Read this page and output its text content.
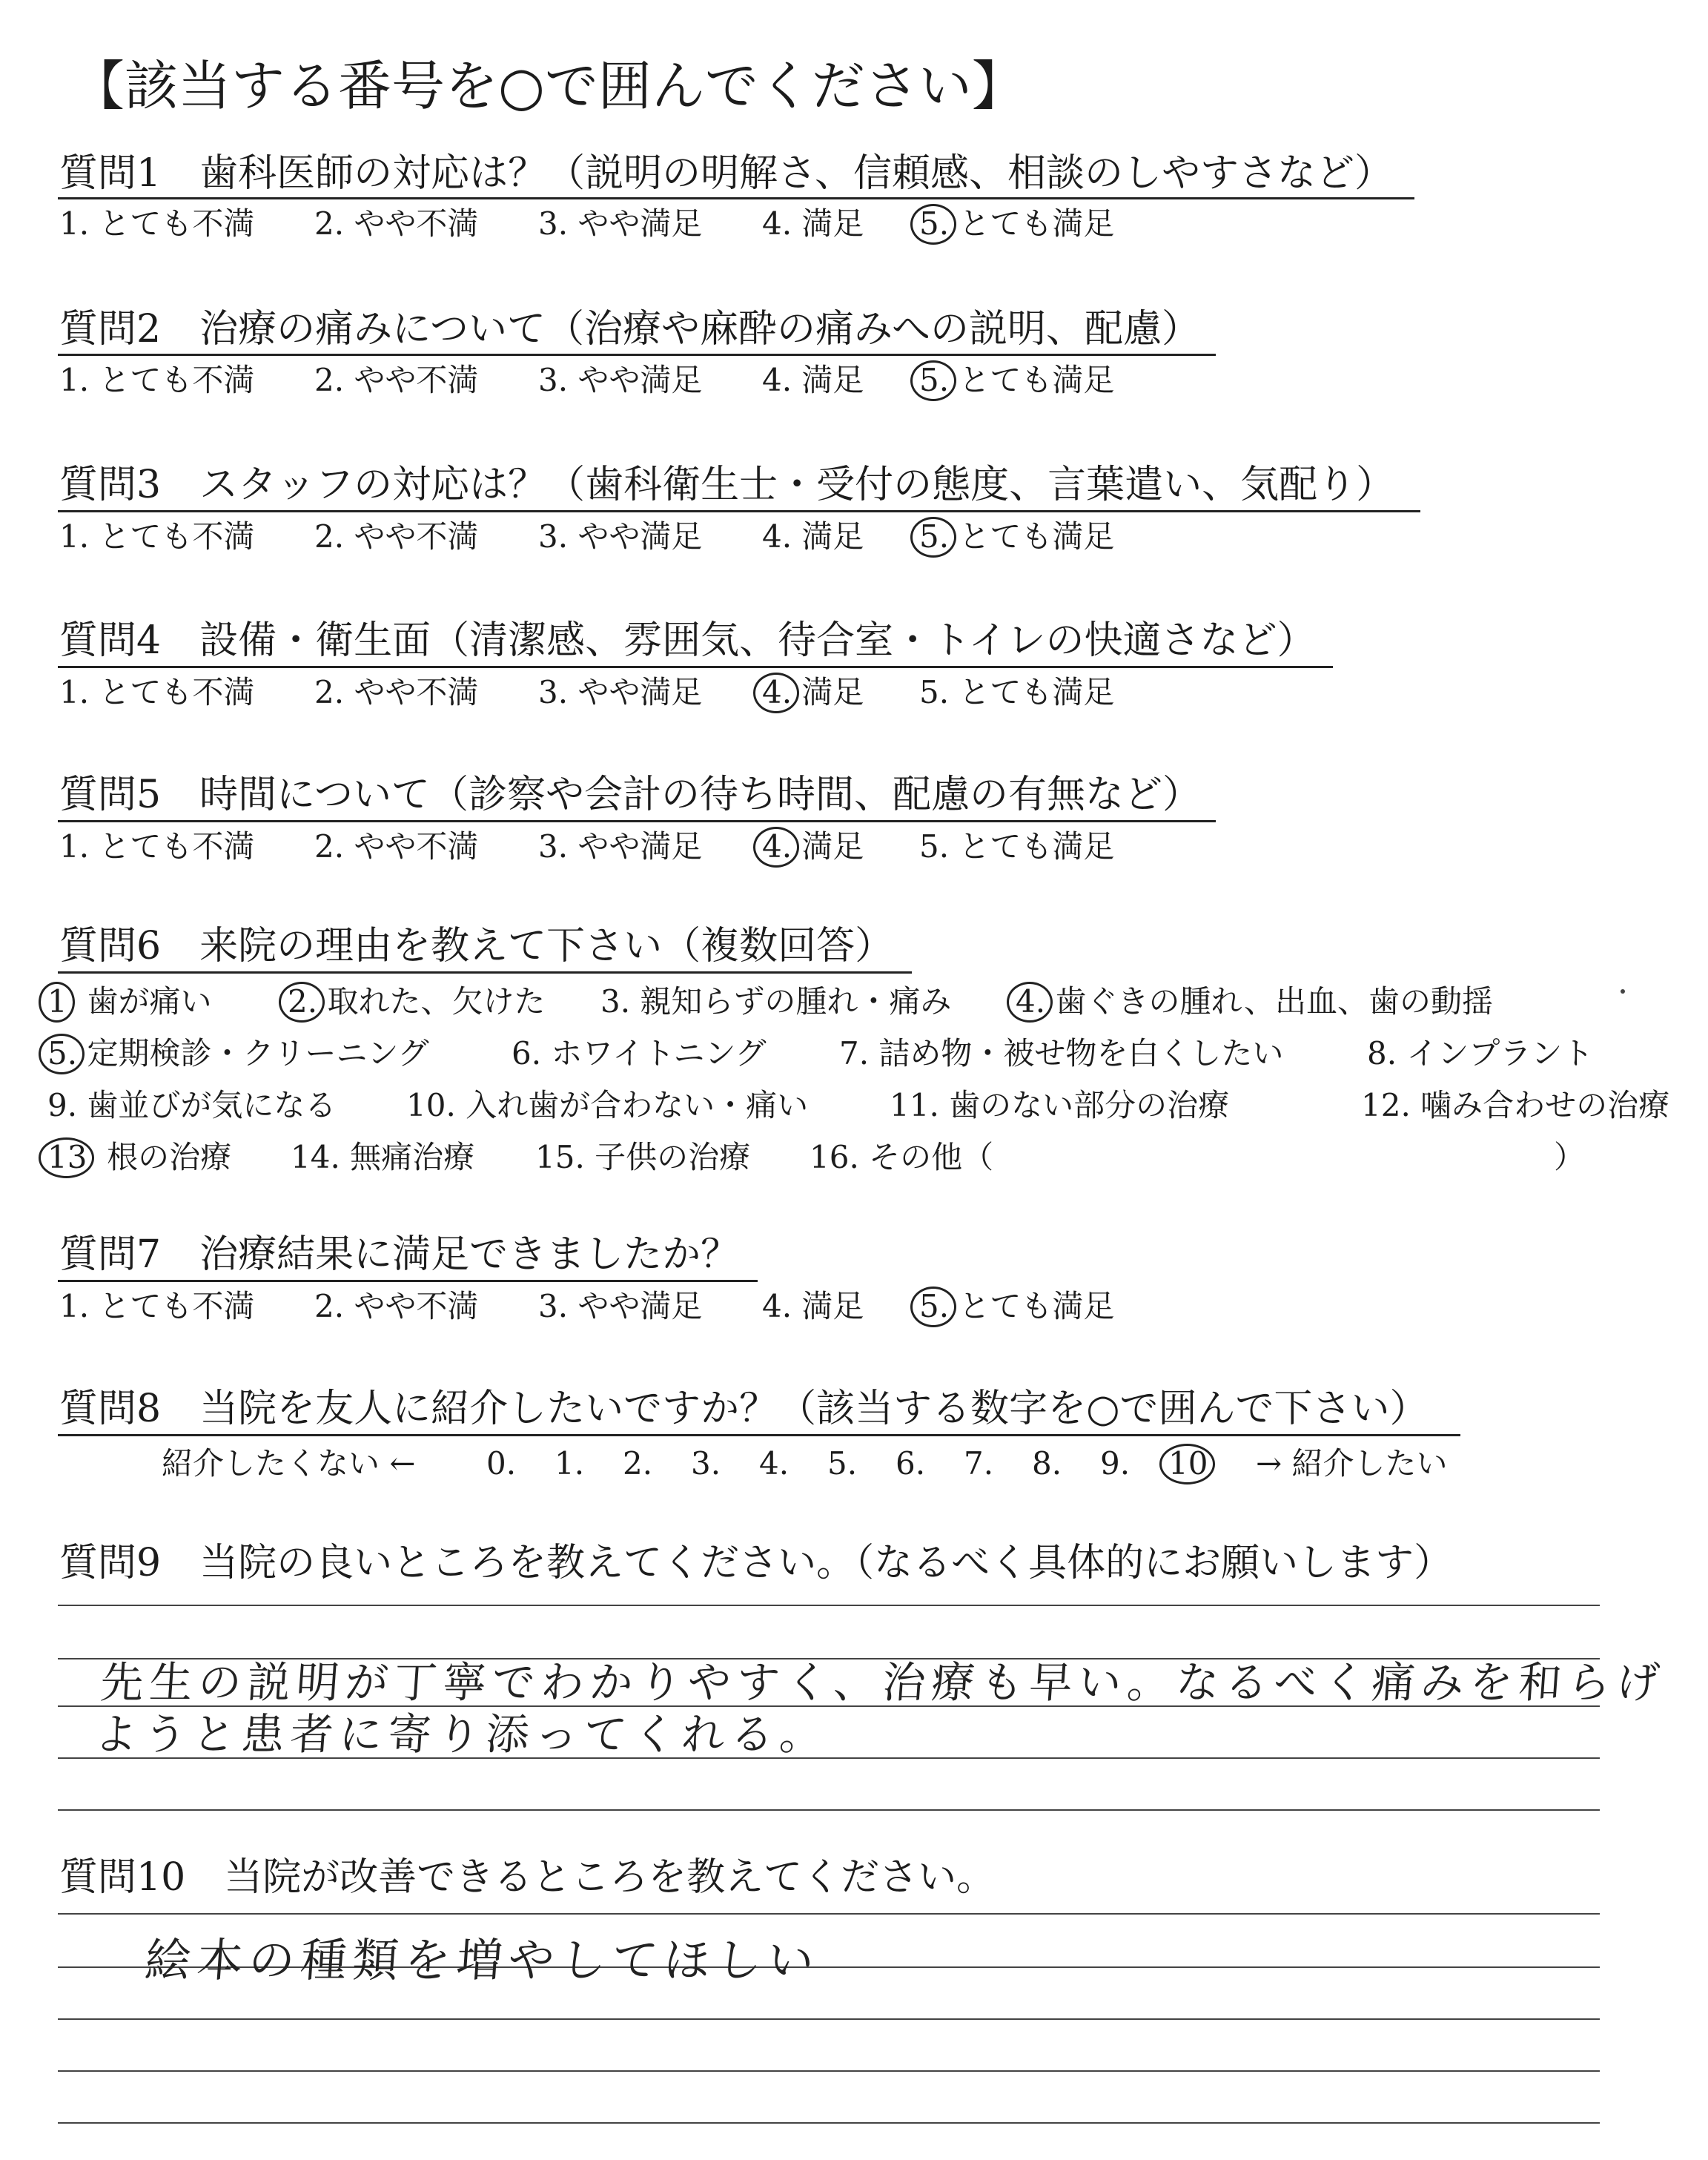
【該当する番号を○で囲んでください】
質問1　歯科医師の対応は？（説明の明解さ、信頼感、相談のしやすさなど）
1. とても不満 2. やや不満 3. やや満足 4. 満足 5. とても満足
質問2　治療の痛みについて（治療や麻酔の痛みへの説明、配慮）
1. とても不満 2. やや不満 3. やや満足 4. 満足 5. とても満足
質問3　スタッフの対応は？（歯科衛生士・受付の態度、言葉遣い、気配り）
1. とても不満 2. やや不満 3. やや満足 4. 満足 5. とても満足
質問4　設備・衛生面（清潔感、雰囲気、待合室・トイレの快適さなど）
1. とても不満 2. やや不満 3. やや満足 4. 満足 5. とても満足
質問5　時間について（診察や会計の待ち時間、配慮の有無など）
1. とても不満 2. やや不満 3. やや満足 4. 満足 5. とても満足
質問6　来院の理由を教えて下さい（複数回答）
1 歯が痛い 2. 取れた、欠けた 3. 親知らずの腫れ・痛み 4. 歯ぐきの腫れ、出血、歯の動揺
5. 定期検診・クリーニング	6. ホワイトニング 7. 詰め物・被せ物を白くしたい	8. インプラント
9. 歯並びが気になる 10. 入れ歯が合わない・痛い	11. 歯のない部分の治療	12. 噛み合わせの治療
13 根の治療 14. 無痛治療 15. 子供の治療 16. その他（	）
質問7　治療結果に満足できましたか？
1. とても不満 2. やや不満 3. やや満足 4. 満足 5. とても満足
質問8　当院を友人に紹介したいですか？（該当する数字を○で囲んで下さい）
紹介したくない ← 0. 1. 2. 3. 4. 5. 6. 7. 8. 9. 10 → 紹介したい
質問9　当院の良いところを教えてください。（なるべく具体的にお願いします）
先生の説明が丁寧でわかりやすく、治療も早い。なるべく痛みを和らげ
ようと患者に寄り添ってくれる。
質問10　当院が改善できるところを教えてください。
絵本の種類を増やしてほしい
